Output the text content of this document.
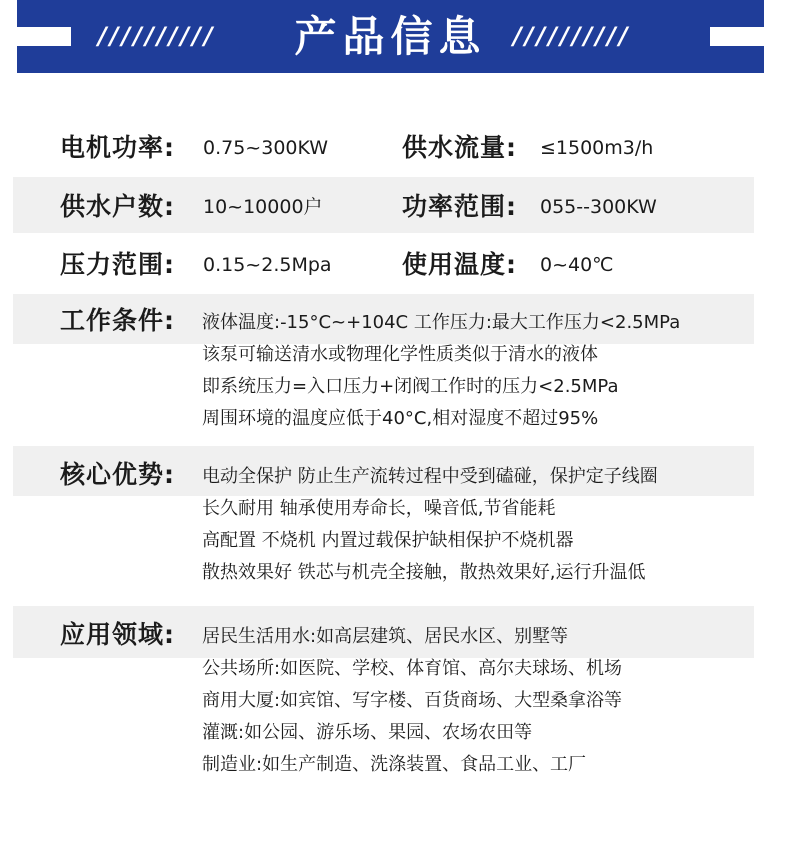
//////////	//////////
产品信息
电机功率: 0.75~300KW	供水流量: ≤1500m3/h
供水户数: 10~10000户	功率范围: 055--300KW
压力范围: 0.15~2.5Mpa	使用温度: 0~40℃
工作条件: 液体温度:-15°C~+104C 工作压力:最大工作压力<2.5MPa
该泵可输送清水或物理化学性质类似于清水的液体
即系统压力=入口压力+闭阀工作时的压力<2.5MPa
周围环境的温度应低于40°C,相对湿度不超过95%
核心优势: 电动全保护 防止生产流转过程中受到磕碰，保护定子线圈
长久耐用 轴承使用寿命长，噪音低,节省能耗
高配置 不烧机 内置过载保护缺相保护不烧机器
散热效果好 铁芯与机壳全接触，散热效果好,运行升温低
应用领域: 居民生活用水:如高层建筑、居民水区、别墅等
公共场所:如医院、学校、体育馆、高尔夫球场、机场
商用大厦:如宾馆、写字楼、百货商场、大型桑拿浴等
灌溉:如公园、游乐场、果园、农场农田等
制造业:如生产制造、洗涤装置、食品工业、工厂
